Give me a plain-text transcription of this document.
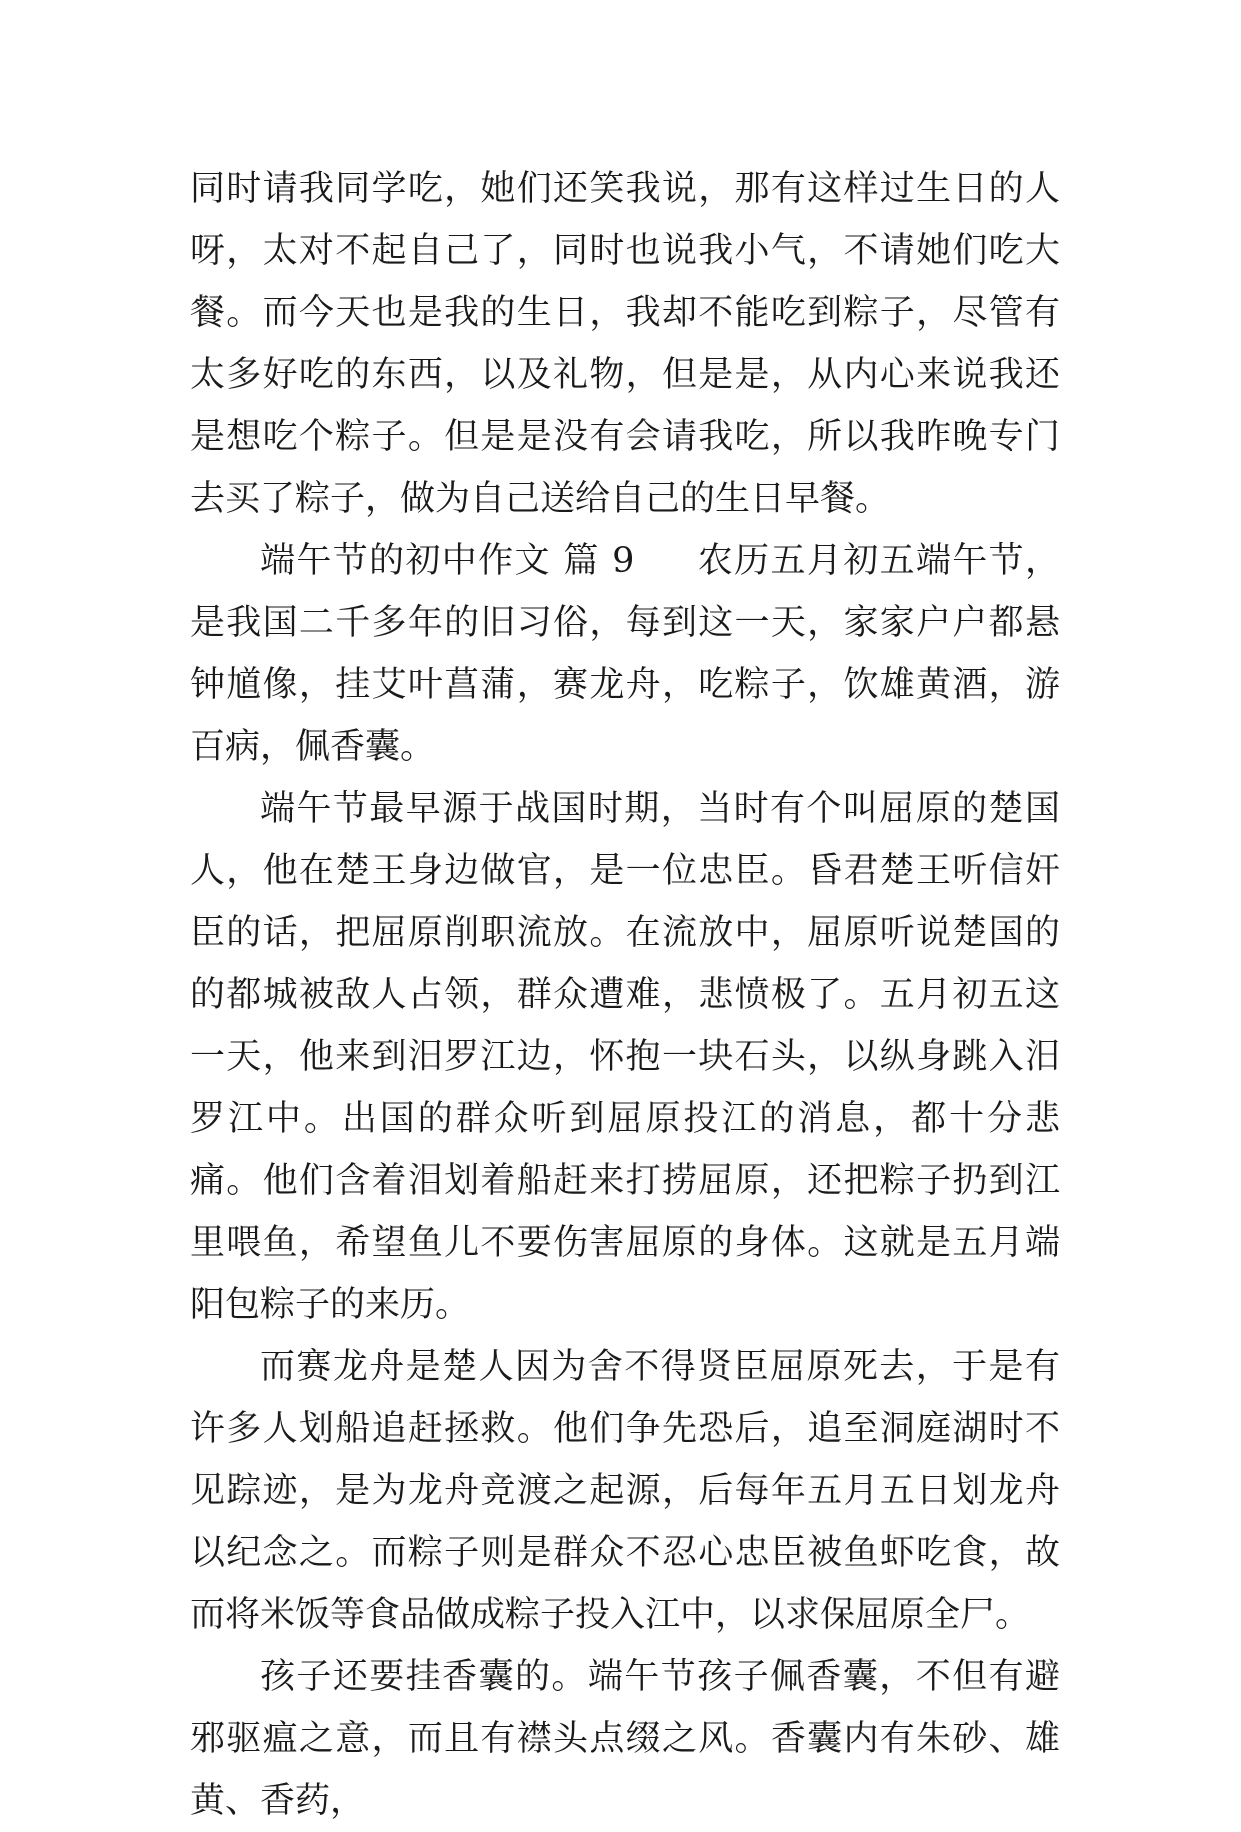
同时请我同学吃，她们还笑我说，那有这样过生日的人呀，太对不起自己了，同时也说我小气，不请她们吃大餐。而今天也是我的生日，我却不能吃到粽子，尽管有太多好吃的东西，以及礼物，但是是，从内心来说我还是想吃个粽子。但是是没有会请我吃，所以我昨晚专门去买了粽子，做为自己送给自己的生日早餐。

端午节的初中作文 篇 9 农历五月初五端午节，是我国二千多年的旧习俗，每到这一天，家家户户都悬钟馗像，挂艾叶菖蒲，赛龙舟，吃粽子，饮雄黄酒，游百病，佩香囊。

端午节最早源于战国时期，当时有个叫屈原的楚国人，他在楚王身边做官，是一位忠臣。昏君楚王听信奸臣的话，把屈原削职流放。在流放中，屈原听说楚国的的都城被敌人占领，群众遭难，悲愤极了。五月初五这一天，他来到汨罗江边，怀抱一块石头，以纵身跳入汨罗江中。出国的群众听到屈原投江的消息，都十分悲痛。他们含着泪划着船赶来打捞屈原，还把粽子扔到江里喂鱼，希望鱼儿不要伤害屈原的身体。这就是五月端阳包粽子的来历。

而赛龙舟是楚人因为舍不得贤臣屈原死去，于是有许多人划船追赶拯救。他们争先恐后，追至洞庭湖时不见踪迹，是为龙舟竞渡之起源，后每年五月五日划龙舟以纪念之。而粽子则是群众不忍心忠臣被鱼虾吃食，故而将米饭等食品做成粽子投入江中，以求保屈原全尸。

孩子还要挂香囊的。端午节孩子佩香囊，不但有避邪驱瘟之意，而且有襟头点缀之风。香囊内有朱砂、雄黄、香药，
